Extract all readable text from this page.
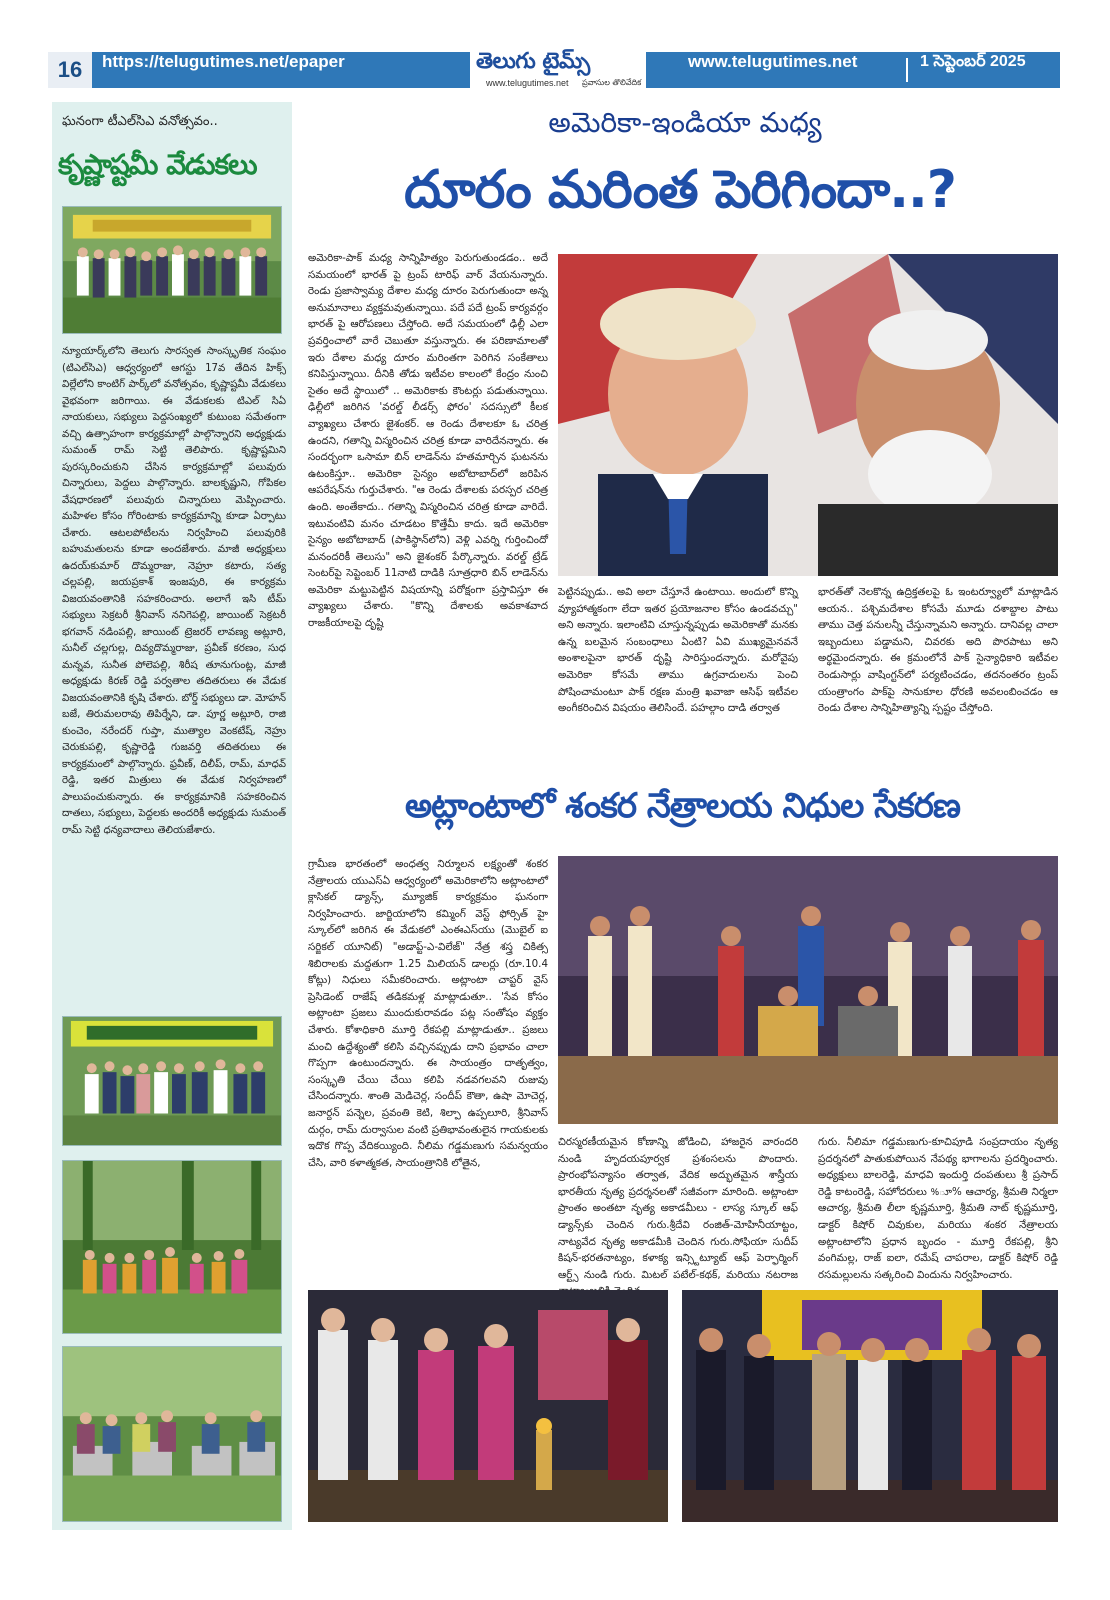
16	https://telugutimes.net/epaper	తెలుగు టైమ్స్
www.telugutimes.net ప్రవాసుల తొలివేదిక
www.telugutimes.net	1 సెప్టెంబర్ 2025
ఘనంగా టీఎల్‌సిఎ వనోత్సవం..
కృష్ణాష్టమీ వేడుకలు
న్యూయార్క్‌లోని తెలుగు సారస్వత సాంస్కృతిక సంఘం (టిఎల్‌సిఎ) ఆధ్వర్యంలో ఆగస్టు 17వ తేదిన హిక్స్ విల్లేలోని కాంటిగ్ పార్క్‌లో వనోత్సవం, కృష్ణాష్టమీ వేడుకలు వైభవంగా జరిగాయి. ఈ వేడుకలకు టిఎల్ సిఏ నాయకులు, సభ్యులు పెద్దసంఖ్యలో కుటుంబ సమేతంగా వచ్చి ఉత్సాహంగా కార్యక్రమాల్లో పాల్గొన్నారని అధ్యక్షుడు సుమంత్ రామ్ సెట్టి తెలిపారు. కృష్ణాష్టమిని పురస్కరించుకుని చేసిన కార్యక్రమాల్లో పలువురు చిన్నారులు, పెద్దలు పాల్గొన్నారు. బాలకృష్ణుని, గోపికల వేషధారణలో పలువురు చిన్నారులు మెప్పించారు. మహిళల కోసం గోరింటాకు కార్యక్రమాన్ని కూడా ఏర్పాటు చేశారు. ఆటలపోటీలను నిర్వహించి పలువురికి బహుమతులను కూడా అందజేశారు. మాజీ అధ్యక్షులు ఉదయ్‌కుమార్ దొమ్మరాజు, నెహ్రూ కటారు, సత్య చల్లపల్లి, జయప్రకాశ్ ఇంజపురి, ఈ కార్యక్రమ విజయవంతానికి సహకరించారు. అలాగే ఇసి టీమ్ సభ్యులు సెక్రటరీ శ్రీనివాస్ ననిగెపల్లి, జాయింట్ సెక్రటరీ భగవాన్ నడింపల్లి, జాయింట్ ట్రెజరర్ లావణ్య అట్లూరి, సునీల్ చల్లగుల్ల, దివ్యదొమ్మరాజు, ప్రవీణ్ కరణం, సుధ మన్నవ, సునీత పోలెపల్లి, శిరీష తూనుగుంట్ల, మాజీ అధ్యక్షుడు కిరణ్ రెడ్డి పర్వతాల తదితరులు ఈ వేడుక విజయవంతానికి కృషి చేశారు. బోర్డ్ సభ్యులు డా. మోహన్ బజే, తిరుమలరావు తిపిర్నేని, డా. పూర్ణ అట్లూరి, రాజి కుంచెం, నరేందర్ గుప్తా, ముత్యాల వెంకటేష్, నెహ్రు చెరుకుపల్లి, కృష్ణారెడ్డి గుజవర్తి తదితరులు ఈ కార్యక్రమంలో పాల్గొన్నారు. ఫ్రవీణ్, దిలీప్, రామ్, మాధవ్ రెడ్డి, ఇతర మిత్రులు ఈ వేడుక నిర్వహణలో పాలుపంచుకున్నారు. ఈ కార్యక్రమానికి సహకరించిన దాతలు, సభ్యులు, పెద్దలకు అందరికీ అధ్యక్షుడు సుమంత్ రామ్ సెట్టి ధన్యవాదాలు తెలియజేశారు.
అమెరికా-ఇండియా మధ్య
దూరం మరింత పెరిగిందా..?
అమెరికా-పాక్ మధ్య సాన్నిహిత్యం పెరుగుతుండడం.. అదే సమయంలో భారత్ పై ట్రంప్ టారిఫ్ వార్ వేయనున్నారు. రెండు ప్రజాస్వామ్య దేశాల మధ్య దూరం పెరుగుతుందా అన్న అనుమానాలు వ్యక్తమవుతున్నాయి. పదే పదే ట్రంప్ కార్యవర్గం భారత్ పై ఆరోపణలు చేస్తోంది. అదే సమయంలో ఢిల్లీ ఎలా ప్రవర్తించాలో వారే చెబుతూ వస్తున్నారు. ఈ పరిణామాలతో ఇరు దేశాల మధ్య దూరం మరింతగా పెరిగిన సంకేతాలు కనిపిస్తున్నాయి. దీనికి తోడు ఇటీవల కాలంలో కేంద్రం నుంచి సైతం అదే స్థాయిలో .. అమెరికాకు కౌంటర్లు పడుతున్నాయి. ఢిల్లీలో జరిగిన 'వరల్డ్ లీడర్స్ ఫోరం' సదస్సులో కీలక వ్యాఖ్యలు చేశారు జైశంకర్. ఆ రెండు దేశాలకూ ఓ చరిత్ర ఉందని, గతాన్ని విస్మరించిన చరిత్ర కూడా వారిదేనన్నారు. ఈ సందర్భంగా ఒసామా బిన్ లాడెన్‌ను హతమార్చిన ఘటనను ఉటంకిస్తూ.. అమెరికా సైన్యం అబోటాబాద్‌లో జరిపిన ఆపరేషన్‌ను గుర్తుచేశారు. "ఆ రెండు దేశాలకు పరస్పర చరిత్ర ఉంది. అంతేకాదు.. గతాన్ని విస్మరించిన చరిత్ర కూడా వారిదే. ఇటువంటివి మనం చూడటం కొత్తేమీ కాదు. ఇదే అమెరికా సైన్యం అబోటాబాద్ (పాకిస్థాన్‌లోని) వెళ్లి ఎవర్ని గుర్తించిందో మనందరికీ తెలుసు" అని జైశంకర్ పేర్కొన్నారు. వరల్డ్ ట్రేడ్ సెంటర్‌పై సెప్టెంబర్ 11నాటి దాడికి సూత్రధారి బిన్ లాడెన్‌ను అమెరికా మట్టుపెట్టిన విషయాన్ని పరోక్షంగా ప్రస్తావిస్తూ ఈ వ్యాఖ్యలు చేశారు. "కొన్ని దేశాలకు అవకాశవాద రాజకీయాలపై దృష్టి
పెట్టినప్పుడు.. అవి అలా చేస్తూనే ఉంటాయి. అందులో కొన్ని వ్యూహాత్మకంగా లేదా ఇతర ప్రయోజనాల కోసం ఉండవచ్చు" అని అన్నారు. ఇలాంటివి చూస్తున్నప్పుడు అమెరికాతో మనకు ఉన్న బలమైన సంబంధాలు ఏంటి? ఏవి ముఖ్యమైనవనే అంశాలపైనా భారత్ దృష్టి సారిస్తుందన్నారు. మరోవైపు అమెరికా కోసమే తాము ఉగ్రవాదులను పెంచి పోషించామంటూ పాక్ రక్షణ మంత్రి ఖవాజా ఆసిఫ్ ఇటీవల అంగీకరించిన విషయం తెలిసిందే. పహల్గాం దాడి తర్వాత
భారత్‌తో నెలకొన్న ఉద్రిక్తతలపై ఓ ఇంటర్వ్యూలో మాట్లాడిన ఆయన.. పశ్చిమదేశాల కోసమే మూడు దశాబ్దాల పాటు తాము చెత్త పనులన్నీ చేస్తున్నామని అన్నారు. దానివల్ల చాలా ఇబ్బందులు పడ్డామని, చివరకు అది పొరపాటు అని అర్థమైందన్నారు. ఈ క్రమంలోనే పాక్ సైన్యాధికారి ఇటీవల రెండుసార్లు వాషింగ్టన్‌లో పర్యటించడం, తదనంతరం ట్రంప్ యంత్రాంగం పాక్‌పై సానుకూల ధోరణి అవలంబించడం ఆ రెండు దేశాల సాన్నిహిత్యాన్ని స్పష్టం చేస్తోంది.
అట్లాంటాలో శంకర నేత్రాలయ నిధుల సేకరణ
గ్రామీణ భారతంలో అంధత్వ నిర్మూలన లక్ష్యంతో శంకర నేత్రాలయ యుఎస్‌ఏ ఆధ్వర్యంలో అమెరికాలోని అట్లాంటాలో క్లాసికల్ డ్యాన్స్, మ్యూజిక్ కార్యక్రమం ఘనంగా నిర్వహించారు. జార్జియాలోని కమ్మింగ్ వెస్ట్ ఫోర్సిత్ హై స్కూల్‌లో జరిగిన ఈ వేడుకలో ఎంఈఎస్‌యు (మొబైల్ ఐ సర్జికల్ యూనిట్) "అడాప్ట్-ఎ-విలేజ్" నేత్ర శస్త్ర చికిత్స శిబిరాలకు మద్దతుగా 1.25 మిలియన్ డాలర్లు (రూ.10.4 కోట్లు) నిధులు సమీకరించారు. అట్లాంటా చాప్టర్ వైస్ ప్రెసిడెంట్ రాజేష్ తడికమళ్ల మాట్లాడుతూ.. 'సేవ కోసం అట్లాంటా ప్రజలు ముందుకురావడం పట్ల సంతోషం వ్యక్తం చేశారు. కోశాధికారి మూర్తి రేకపల్లి మాట్లాడుతూ.. ప్రజలు మంచి ఉద్దేశ్యంతో కలిసి వచ్చినప్పుడు దాని ప్రభావం చాలా గొప్పగా ఉంటుందన్నారు. ఈ సాయంత్రం దాతృత్వం, సంస్కృతి చేయి చేయి కలిపి నడవగలవని రుజువు చేసిందన్నారు. శాంతి మెడిచెర్ల, సందీప్ కౌతా, ఉషా మోచెర్ల, జనార్దన్ పన్నెల, ప్రవంతి కెటి, శిల్పా ఉప్పలూరి, శ్రీనివాస్ దుర్గం, రామ్ దుర్వాసుల వంటి ప్రతిభావంతులైన గాయకులకు ఇదొక గొప్ప వేదికయ్యింది. నీలిమ గడ్డమణుగు సమన్వయం చేసి, వారి కళాత్మకత, సాయంత్రానికి లోతైన,
చిరస్మరణీయమైన కోణాన్ని జోడించి, హాజరైన వారందరి నుండి హృదయపూర్వక ప్రశంసలను పొందారు. ప్రారంభోపన్యాసం తర్వాత, వేదిక అద్భుతమైన శాస్త్రీయ భారతీయ నృత్య ప్రదర్శనలతో సజీవంగా మారింది. అట్లాంటా ప్రాంతం అంతటా నృత్య అకాడమీలు - లాస్య స్కూల్ ఆఫ్ డ్యాన్స్‌కు చెందిన గురు.శ్రీదేవి రంజిత్-మోహినీయాట్టం, నాట్యవేద నృత్య అకాడమీకి చెందిన గురు.సోఫియా సుదీప్ కిషన్-భరతనాట్యం, కళాక్య ఇన్స్టిట్యూట్ ఆఫ్ పెర్ఫార్మింగ్ ఆర్ట్స్ నుండి గురు. మిటల్ పటేల్-కథక్, మరియు నటరాజ
గురు. నీలిమా గడ్డమణుగు-కూచిపూడి సంప్రదాయం నృత్య ప్రదర్శనలో పాతుకుపోయిన నేపథ్య భాగాలను ప్రదర్శించారు. అధ్యక్షులు బాలరెడ్డి, మాధవి ఇందుర్తి దంపతులు శ్రీ ప్రసాద్ రెడ్డి కాటంరెడ్డి, సహోదరులు %ూ% ఆచార్య, శ్రీమతి నిర్మలా ఆచార్య, శ్రీమతి లీలా కృష్ణమూర్తి, శ్రీమతి నాట్ కృష్ణమూర్తి, డాక్టర్ కిషోర్ చివుకుల, మరియు శంకర నేత్రాలయ అట్లాంటాలోని ప్రధాన బృందం - మూర్తి రేకపల్లి, శ్రీని వంగిమల్ల, రాజ్ ఐలా, రమేష్ చాపరాల, డాక్టర్ కిషోర్ రెడ్డి రసమల్లులను సత్కరించి విందును నిర్వహించారు.
